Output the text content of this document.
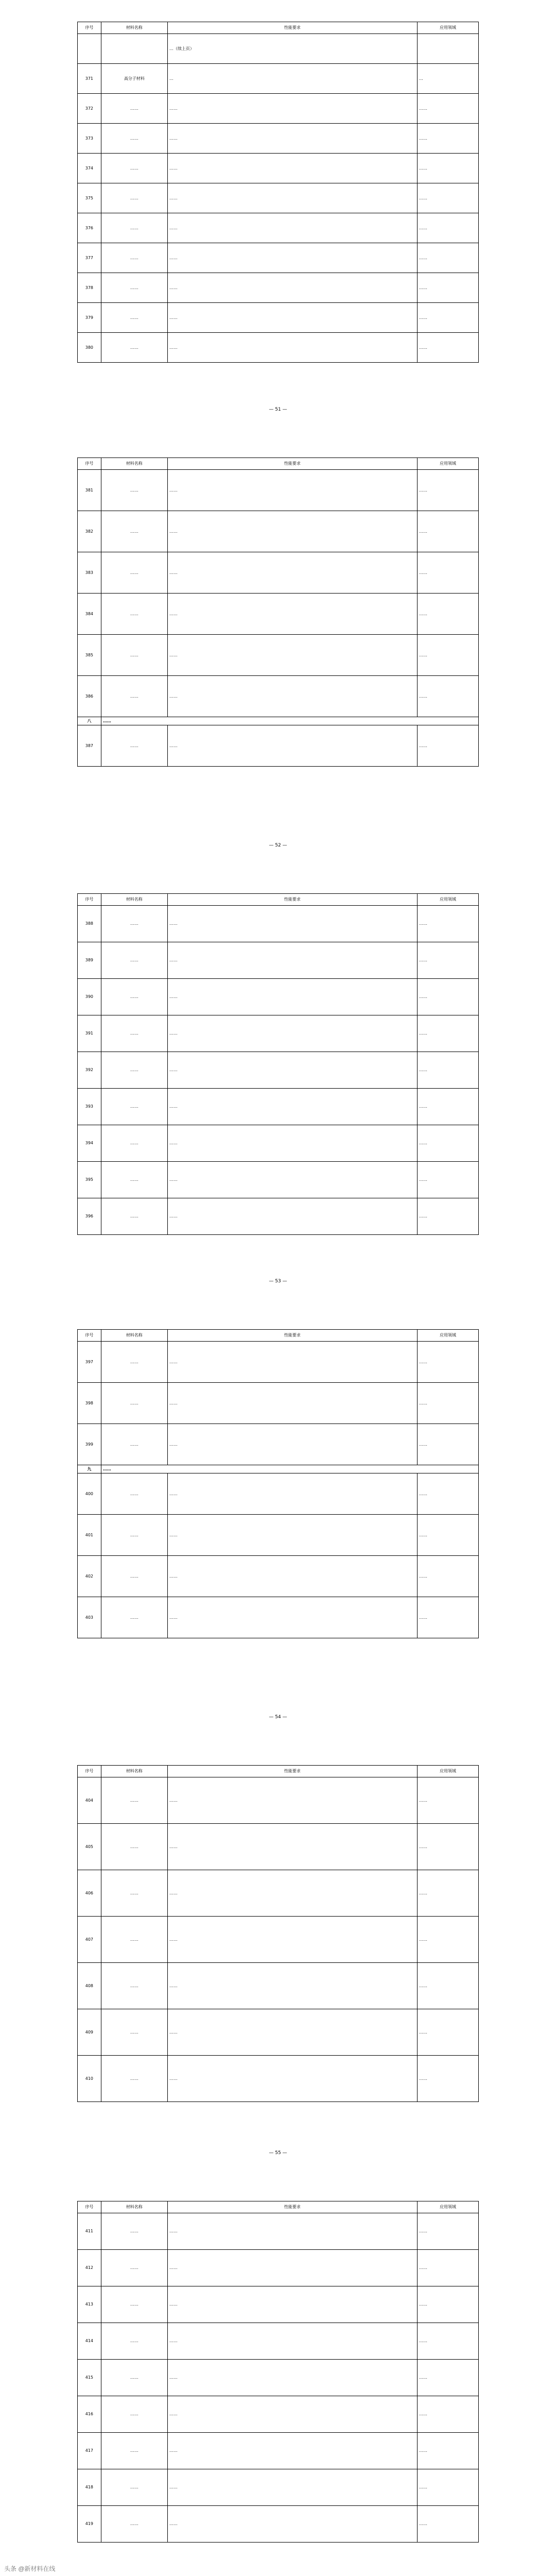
序号	材料名称	性能要求	应用领域
		…（续上页）	
371	高分子材料	…	…
372	……	……	……
373	……	……	……
374	……	……	……
375	……	……	……
376	……	……	……
377	……	……	……
378	……	……	……
379	……	……	……
380	……	……	……
— 51 —
序号	材料名称	性能要求	应用领域
381	……	……	……
382	……	……	……
383	……	……	……
384	……	……	……
385	……	……	……
386	……	……	……
八	……		
387	……	……	……
— 52 —
序号	材料名称	性能要求	应用领域
388	……	……	……
389	……	……	……
390	……	……	……
391	……	……	……
392	……	……	……
393	……	……	……
394	……	……	……
395	……	……	……
396	……	……	……
— 53 —
序号	材料名称	性能要求	应用领域
397	……	……	……
398	……	……	……
399	……	……	……
九	……		
400	……	……	……
401	……	……	……
402	……	……	……
403	……	……	……
— 54 —
序号	材料名称	性能要求	应用领域
404	……	……	……
405	……	……	……
406	……	……	……
407	……	……	……
408	……	……	……
409	……	……	……
410	……	……	……
— 55 —
序号	材料名称	性能要求	应用领域
411	……	……	……
412	……	……	……
413	……	……	……
414	……	……	……
415	……	……	……
416	……	……	……
417	……	……	……
418	……	……	……
419	……	……	……

头条 @新材料在线
